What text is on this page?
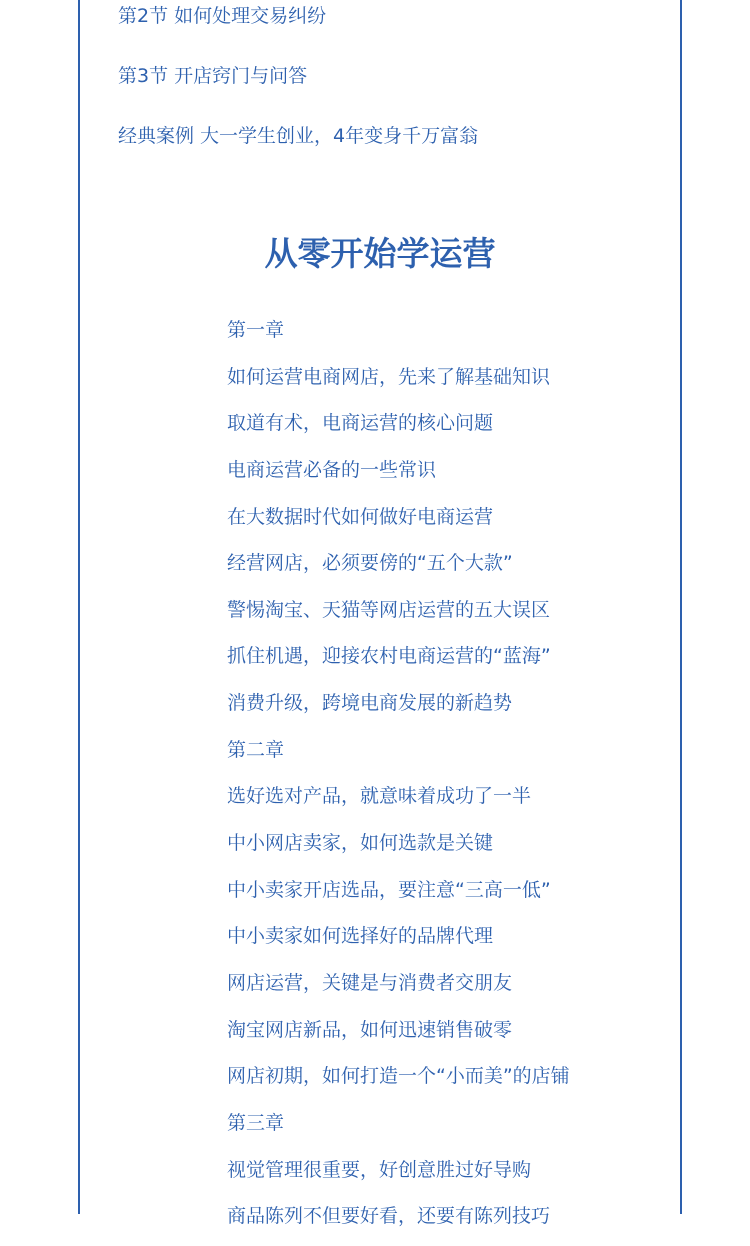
第2节 如何处理交易纠纷
第3节 开店窍门与问答
经典案例 大一学生创业，4年变身千万富翁
从零开始学运营
第一章
如何运营电商网店，先来了解基础知识
取道有术，电商运营的核心问题
电商运营必备的一些常识
在大数据时代如何做好电商运营
经营网店，必须要傍的“五个大款”
警惕淘宝、天猫等网店运营的五大误区
抓住机遇，迎接农村电商运营的“蓝海”
消费升级，跨境电商发展的新趋势
第二章
选好选对产品，就意味着成功了一半
中小网店卖家，如何选款是关键
中小卖家开店选品，要注意“三高一低”
中小卖家如何选择好的品牌代理
网店运营，关键是与消费者交朋友
淘宝网店新品，如何迅速销售破零
网店初期，如何打造一个“小而美”的店铺
第三章
视觉管理很重要，好创意胜过好导购
商品陈列不但要好看，还要有陈列技巧
